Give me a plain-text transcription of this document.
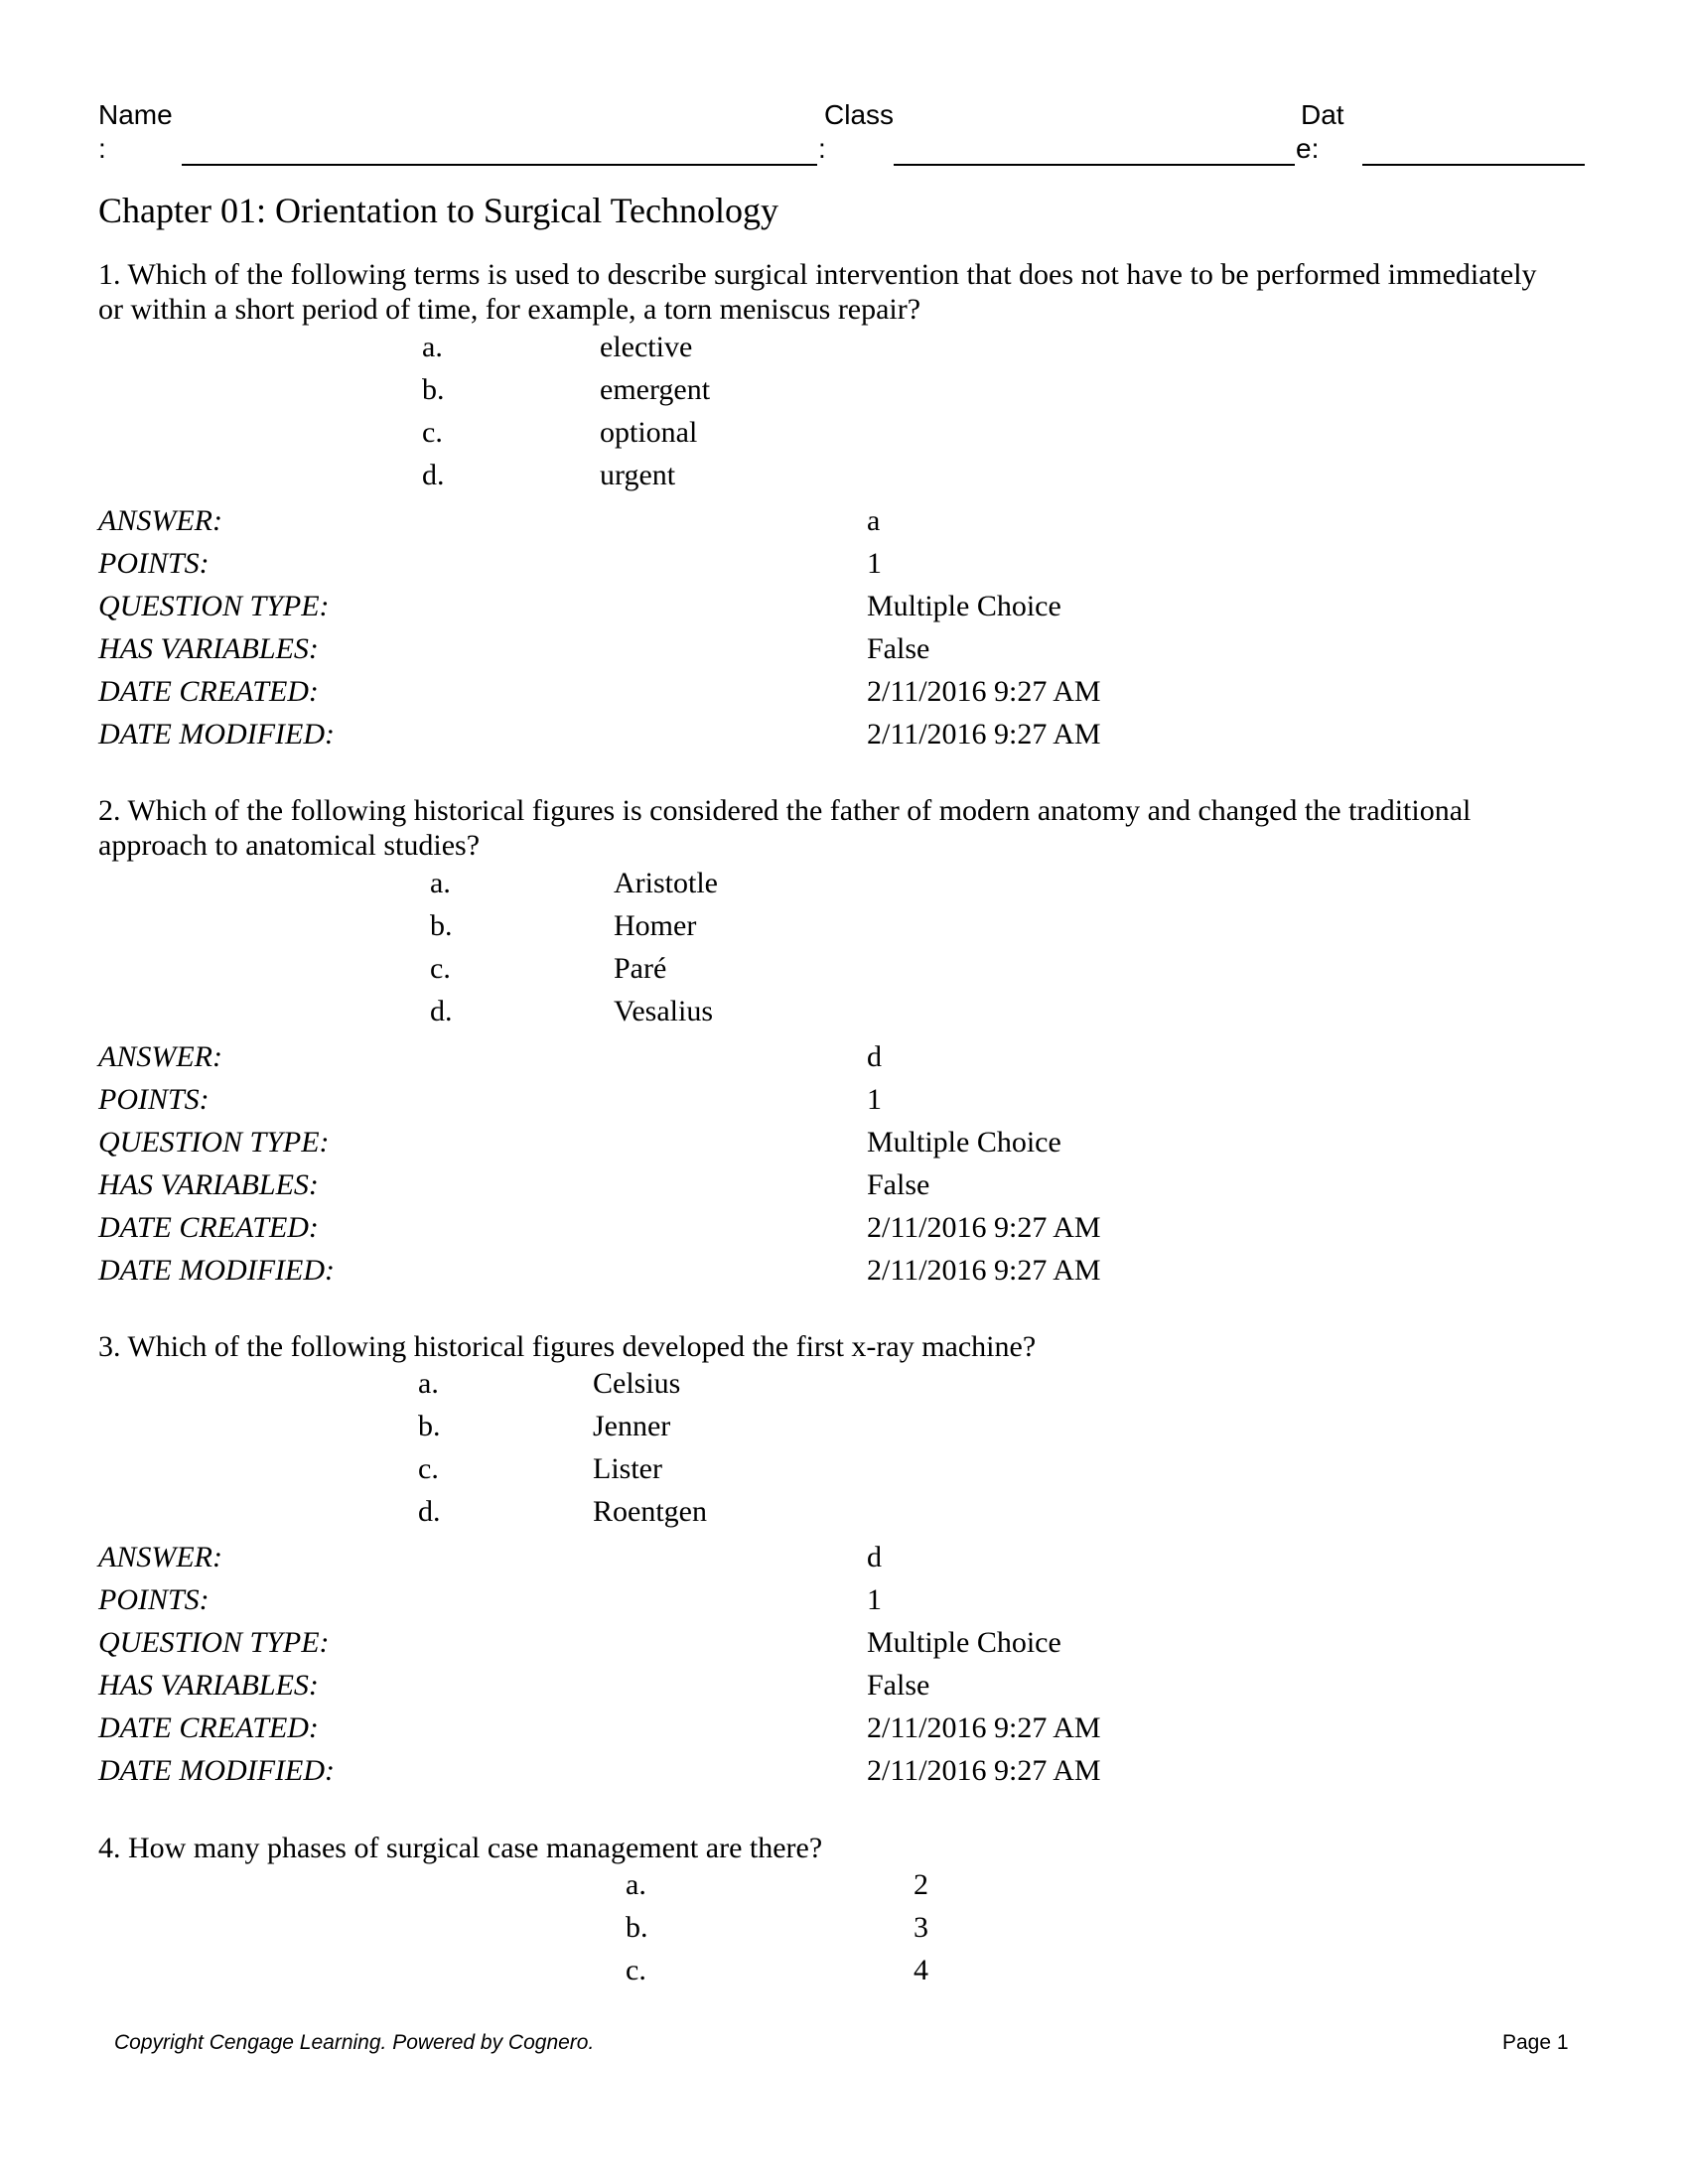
Name
:
Class
:
Dat
e:
Chapter 01: Orientation to Surgical Technology
1. Which of the following terms is used to describe surgical intervention that does not have to be performed immediately
or within a short period of time, for example, a torn meniscus repair?
a.	elective
b.	emergent
c.	optional
d.	urgent
ANSWER:	a
POINTS:	1
QUESTION TYPE:	Multiple Choice
HAS VARIABLES:	False
DATE CREATED:	2/11/2016 9:27 AM
DATE MODIFIED:	2/11/2016 9:27 AM
2. Which of the following historical figures is considered the father of modern anatomy and changed the traditional
approach to anatomical studies?
a.	Aristotle
b.	Homer
c.	Paré
d.	Vesalius
ANSWER:	d
POINTS:	1
QUESTION TYPE:	Multiple Choice
HAS VARIABLES:	False
DATE CREATED:	2/11/2016 9:27 AM
DATE MODIFIED:	2/11/2016 9:27 AM
3. Which of the following historical figures developed the first x-ray machine?
a.	Celsius
b.	Jenner
c.	Lister
d.	Roentgen
ANSWER:	d
POINTS:	1
QUESTION TYPE:	Multiple Choice
HAS VARIABLES:	False
DATE CREATED:	2/11/2016 9:27 AM
DATE MODIFIED:	2/11/2016 9:27 AM
4. How many phases of surgical case management are there?
a.	2
b.	3
c.	4
Copyright Cengage Learning. Powered by Cognero.	Page 1
